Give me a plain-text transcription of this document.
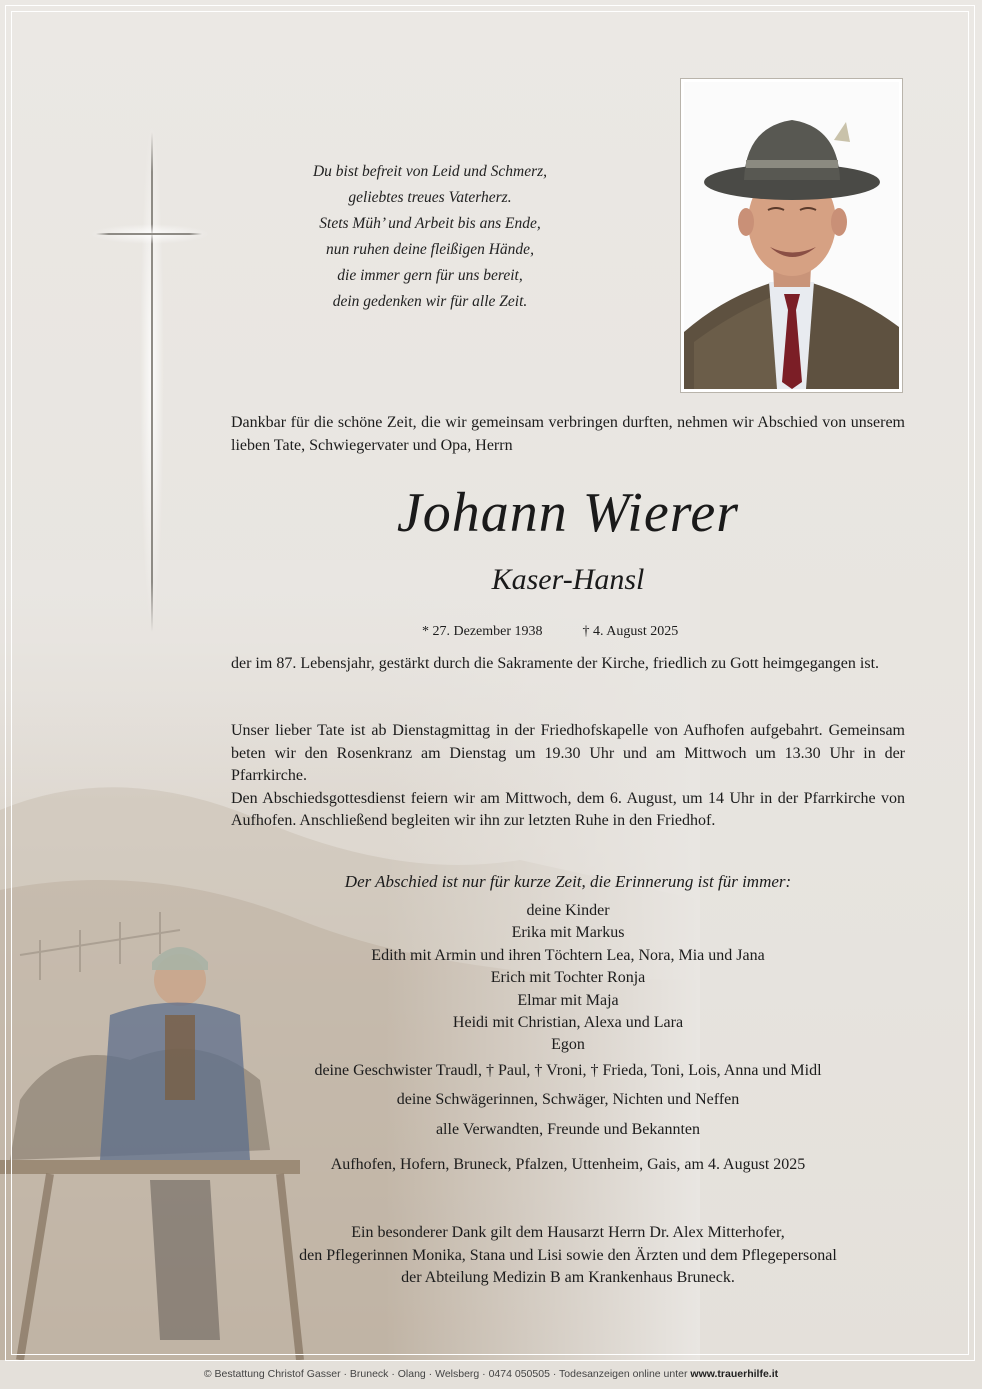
Du bist befreit von Leid und Schmerz,
geliebtes treues Vaterherz.
Stets Müh’ und Arbeit bis ans Ende,
nun ruhen deine fleißigen Hände,
die immer gern für uns bereit,
dein gedenken wir für alle Zeit.
Dankbar für die schöne Zeit, die wir gemeinsam verbringen durften, nehmen wir Abschied von unserem lieben Tate, Schwiegervater und Opa, Herrn
Johann Wierer
Kaser-Hansl
* 27. Dezember 1938	† 4. August 2025
der im 87. Lebensjahr, gestärkt durch die Sakramente der Kirche, friedlich zu Gott heimgegangen ist.
Unser lieber Tate ist ab Dienstagmittag in der Friedhofskapelle von Aufhofen aufgebahrt. Gemeinsam beten wir den Rosenkranz am Dienstag um 19.30 Uhr und am Mittwoch um 13.30 Uhr in der Pfarrkirche.
Den Abschiedsgottesdienst feiern wir am Mittwoch, dem 6. August, um 14 Uhr in der Pfarrkirche von Aufhofen. Anschließend begleiten wir ihn zur letzten Ruhe in den Friedhof.
Der Abschied ist nur für kurze Zeit, die Erinnerung ist für immer:
deine Kinder
Erika mit Markus
Edith mit Armin und ihren Töchtern Lea, Nora, Mia und Jana
Erich mit Tochter Ronja
Elmar mit Maja
Heidi mit Christian, Alexa und Lara
Egon
deine Geschwister Traudl, † Paul, † Vroni, † Frieda, Toni, Lois, Anna und Midl
deine Schwägerinnen, Schwäger, Nichten und Neffen
alle Verwandten, Freunde und Bekannten
Aufhofen, Hofern, Bruneck, Pfalzen, Uttenheim, Gais, am 4. August 2025
Ein besonderer Dank gilt dem Hausarzt Herrn Dr. Alex Mitterhofer,
den Pflegerinnen Monika, Stana und Lisi sowie den Ärzten und dem Pflegepersonal
der Abteilung Medizin B am Krankenhaus Bruneck.
© Bestattung Christof Gasser · Bruneck · Olang · Welsberg · 0474 050505 · Todesanzeigen online unter www.trauerhilfe.it
